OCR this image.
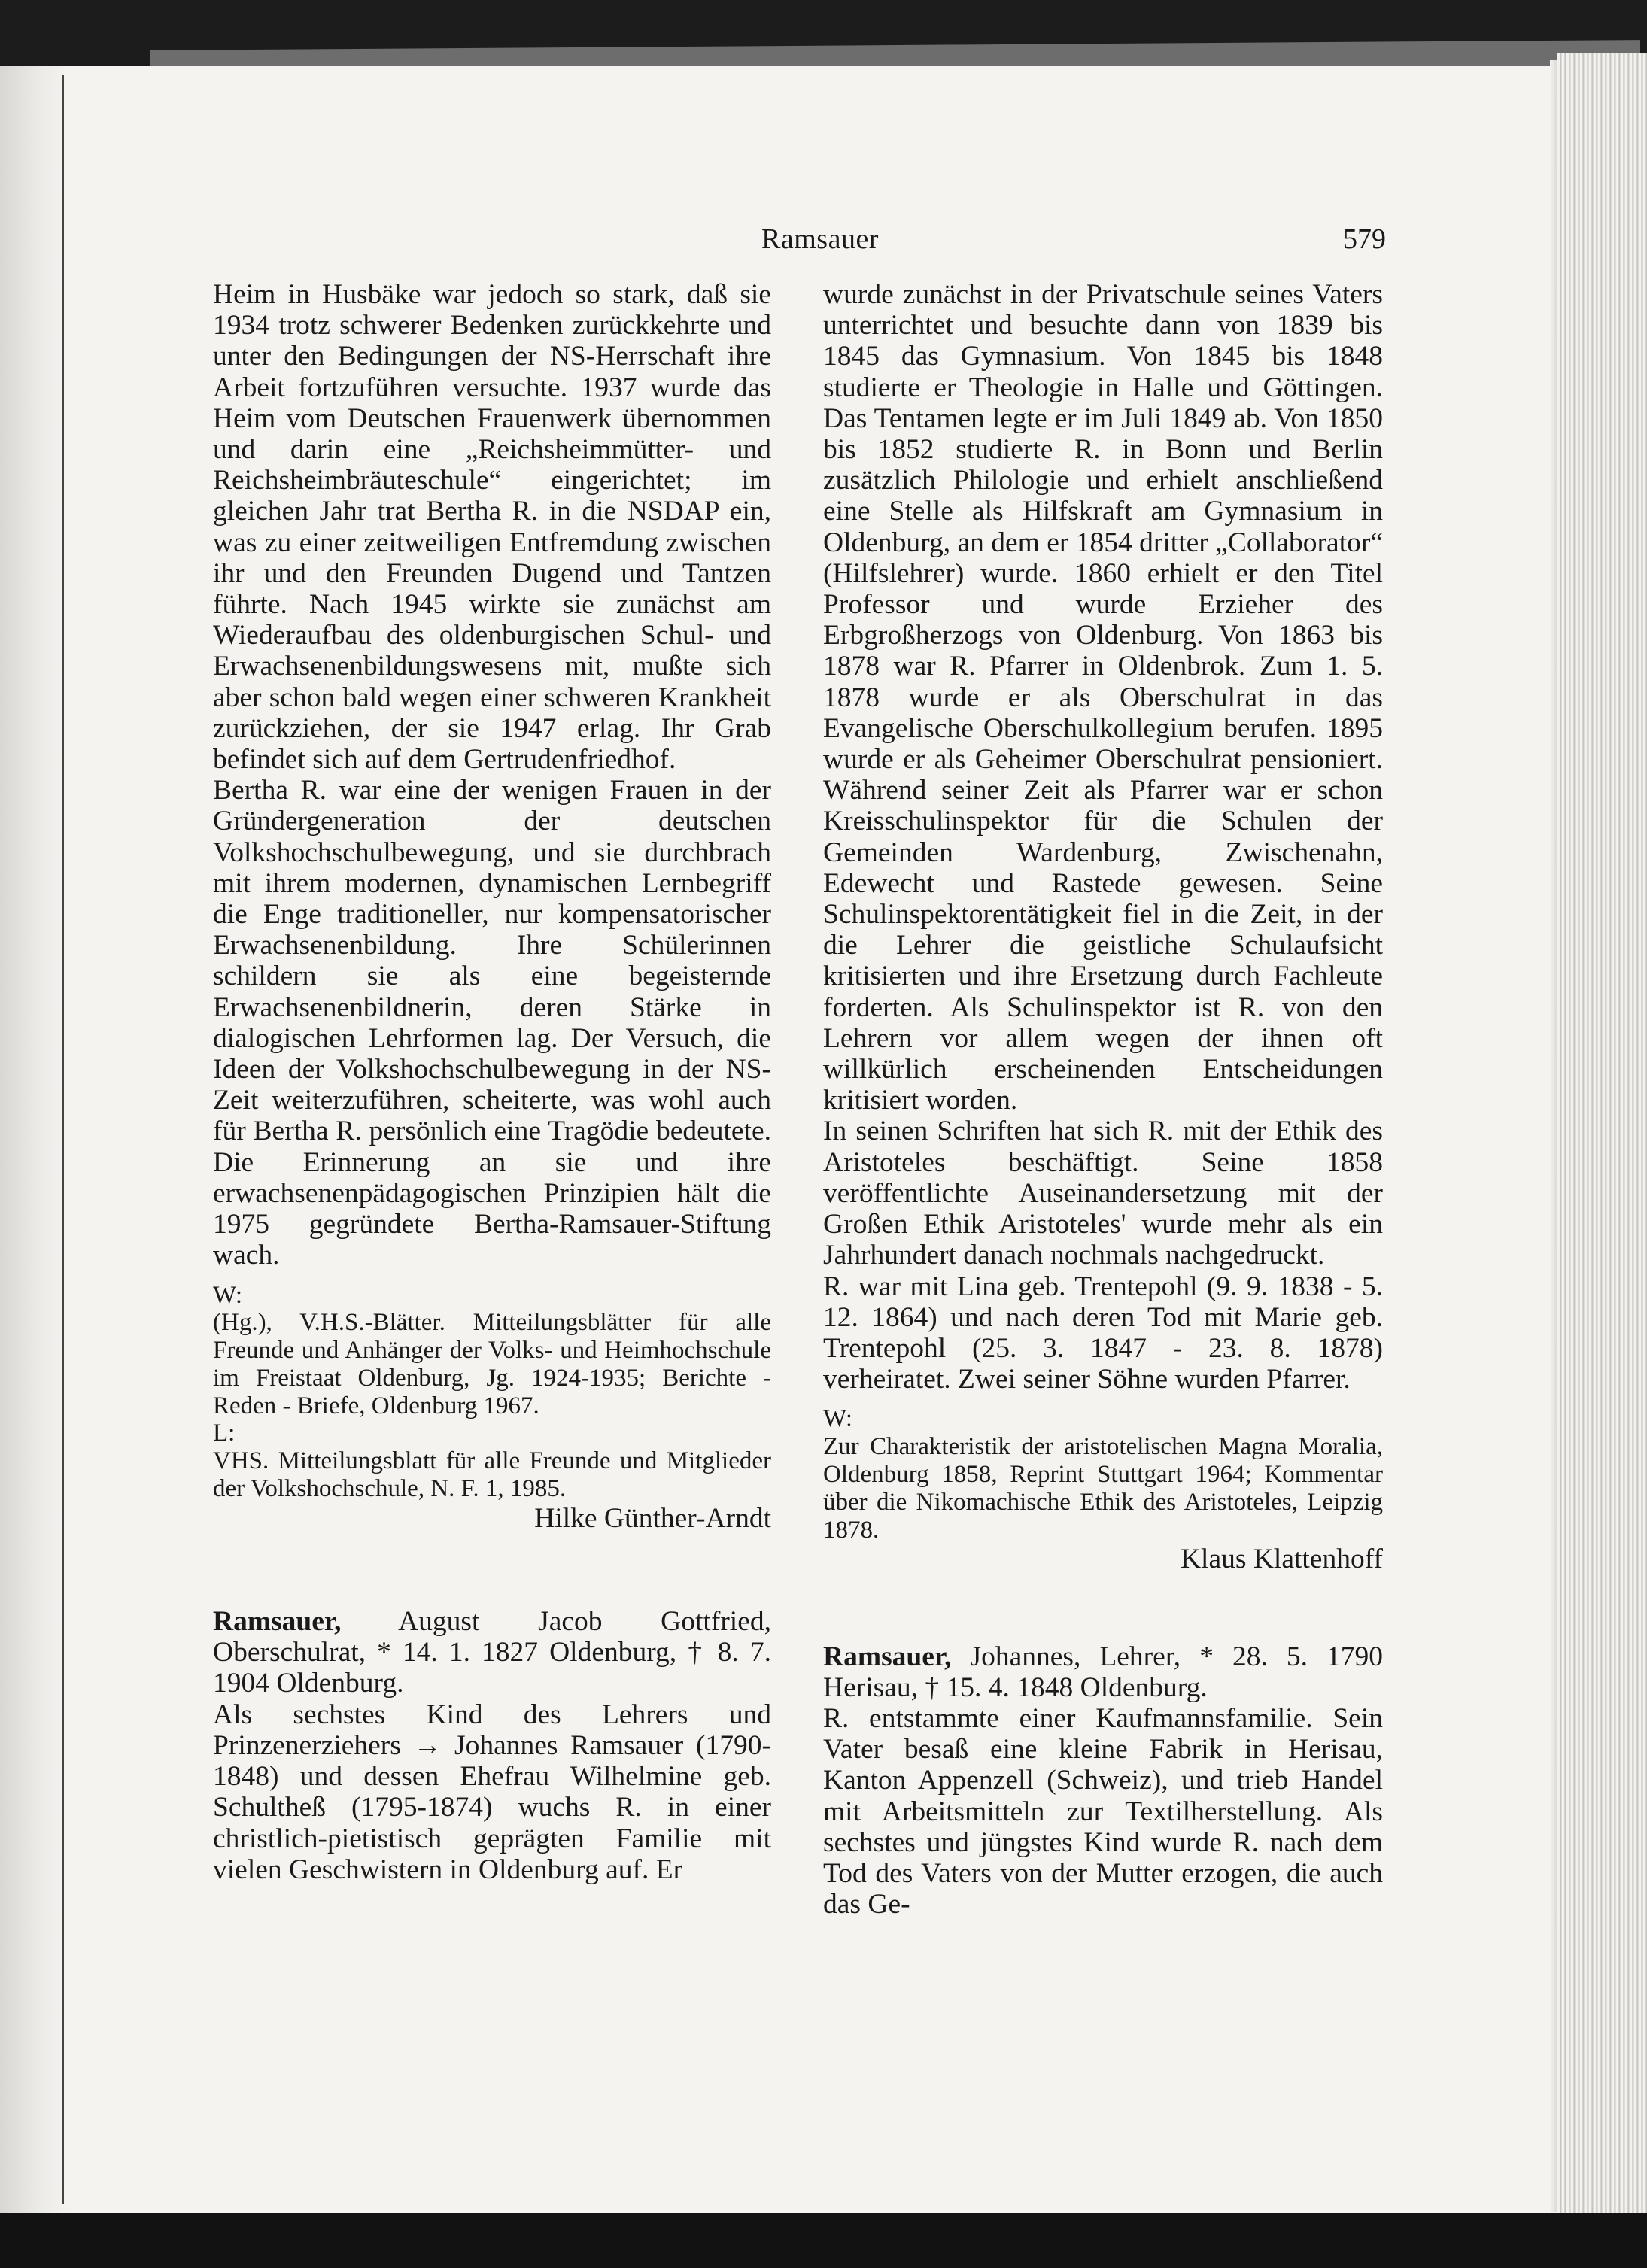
Ramsauer	579

Heim in Husbäke war jedoch so stark, daß sie 1934 trotz schwerer Bedenken zurückkehrte und unter den Bedingungen der NS-Herrschaft ihre Arbeit fortzuführen versuchte. 1937 wurde das Heim vom Deutschen Frauenwerk übernommen und darin eine „Reichsheimmütter- und Reichsheimbräuteschule“ eingerichtet; im gleichen Jahr trat Bertha R. in die NSDAP ein, was zu einer zeitweiligen Entfremdung zwischen ihr und den Freunden Dugend und Tantzen führte. Nach 1945 wirkte sie zunächst am Wiederaufbau des oldenburgischen Schul- und Erwachsenenbildungswesens mit, mußte sich aber schon bald wegen einer schweren Krankheit zurückziehen, der sie 1947 erlag. Ihr Grab befindet sich auf dem Gertrudenfriedhof.

Bertha R. war eine der wenigen Frauen in der Gründergeneration der deutschen Volkshochschulbewegung, und sie durchbrach mit ihrem modernen, dynamischen Lernbegriff die Enge traditioneller, nur kompensatorischer Erwachsenenbildung. Ihre Schülerinnen schildern sie als eine begeisternde Erwachsenenbildnerin, deren Stärke in dialogischen Lehrformen lag. Der Versuch, die Ideen der Volkshochschulbewegung in der NS-Zeit weiterzuführen, scheiterte, was wohl auch für Bertha R. persönlich eine Tragödie bedeutete. Die Erinnerung an sie und ihre erwachsenenpädagogischen Prinzipien hält die 1975 gegründete Bertha-Ramsauer-Stiftung wach.

W:

(Hg.), V.H.S.-Blätter. Mitteilungsblätter für alle Freunde und Anhänger der Volks- und Heimhochschule im Freistaat Oldenburg, Jg. 1924-1935; Berichte - Reden - Briefe, Oldenburg 1967.

L:

VHS. Mitteilungsblatt für alle Freunde und Mitglieder der Volkshochschule, N. F. 1, 1985.

Hilke Günther-Arndt

Ramsauer, August Jacob Gottfried, Oberschulrat, * 14. 1. 1827 Oldenburg, † 8. 7. 1904 Oldenburg.

Als sechstes Kind des Lehrers und Prinzenerziehers → Johannes Ramsauer (1790-1848) und dessen Ehefrau Wilhelmine geb. Schultheß (1795-1874) wuchs R. in einer christlich-pietistisch geprägten Familie mit vielen Geschwistern in Oldenburg auf. Er

wurde zunächst in der Privatschule seines Vaters unterrichtet und besuchte dann von 1839 bis 1845 das Gymnasium. Von 1845 bis 1848 studierte er Theologie in Halle und Göttingen. Das Tentamen legte er im Juli 1849 ab. Von 1850 bis 1852 studierte R. in Bonn und Berlin zusätzlich Philologie und erhielt anschließend eine Stelle als Hilfskraft am Gymnasium in Oldenburg, an dem er 1854 dritter „Collaborator“ (Hilfslehrer) wurde. 1860 erhielt er den Titel Professor und wurde Erzieher des Erbgroßherzogs von Oldenburg. Von 1863 bis 1878 war R. Pfarrer in Oldenbrok. Zum 1. 5. 1878 wurde er als Oberschulrat in das Evangelische Oberschulkollegium berufen. 1895 wurde er als Geheimer Oberschulrat pensioniert. Während seiner Zeit als Pfarrer war er schon Kreisschulinspektor für die Schulen der Gemeinden Wardenburg, Zwischenahn, Edewecht und Rastede gewesen. Seine Schulinspektorentätigkeit fiel in die Zeit, in der die Lehrer die geistliche Schulaufsicht kritisierten und ihre Ersetzung durch Fachleute forderten. Als Schulinspektor ist R. von den Lehrern vor allem wegen der ihnen oft willkürlich erscheinenden Entscheidungen kritisiert worden.

In seinen Schriften hat sich R. mit der Ethik des Aristoteles beschäftigt. Seine 1858 veröffentlichte Auseinandersetzung mit der Großen Ethik Aristoteles' wurde mehr als ein Jahrhundert danach nochmals nachgedruckt.

R. war mit Lina geb. Trentepohl (9. 9. 1838 - 5. 12. 1864) und nach deren Tod mit Marie geb. Trentepohl (25. 3. 1847 - 23. 8. 1878) verheiratet. Zwei seiner Söhne wurden Pfarrer.

W:

Zur Charakteristik der aristotelischen Magna Moralia, Oldenburg 1858, Reprint Stuttgart 1964; Kommentar über die Nikomachische Ethik des Aristoteles, Leipzig 1878.

Klaus Klattenhoff

Ramsauer, Johannes, Lehrer, * 28. 5. 1790 Herisau, † 15. 4. 1848 Oldenburg.

R. entstammte einer Kaufmannsfamilie. Sein Vater besaß eine kleine Fabrik in Herisau, Kanton Appenzell (Schweiz), und trieb Handel mit Arbeitsmitteln zur Textilherstellung. Als sechstes und jüngstes Kind wurde R. nach dem Tod des Vaters von der Mutter erzogen, die auch das Ge-
